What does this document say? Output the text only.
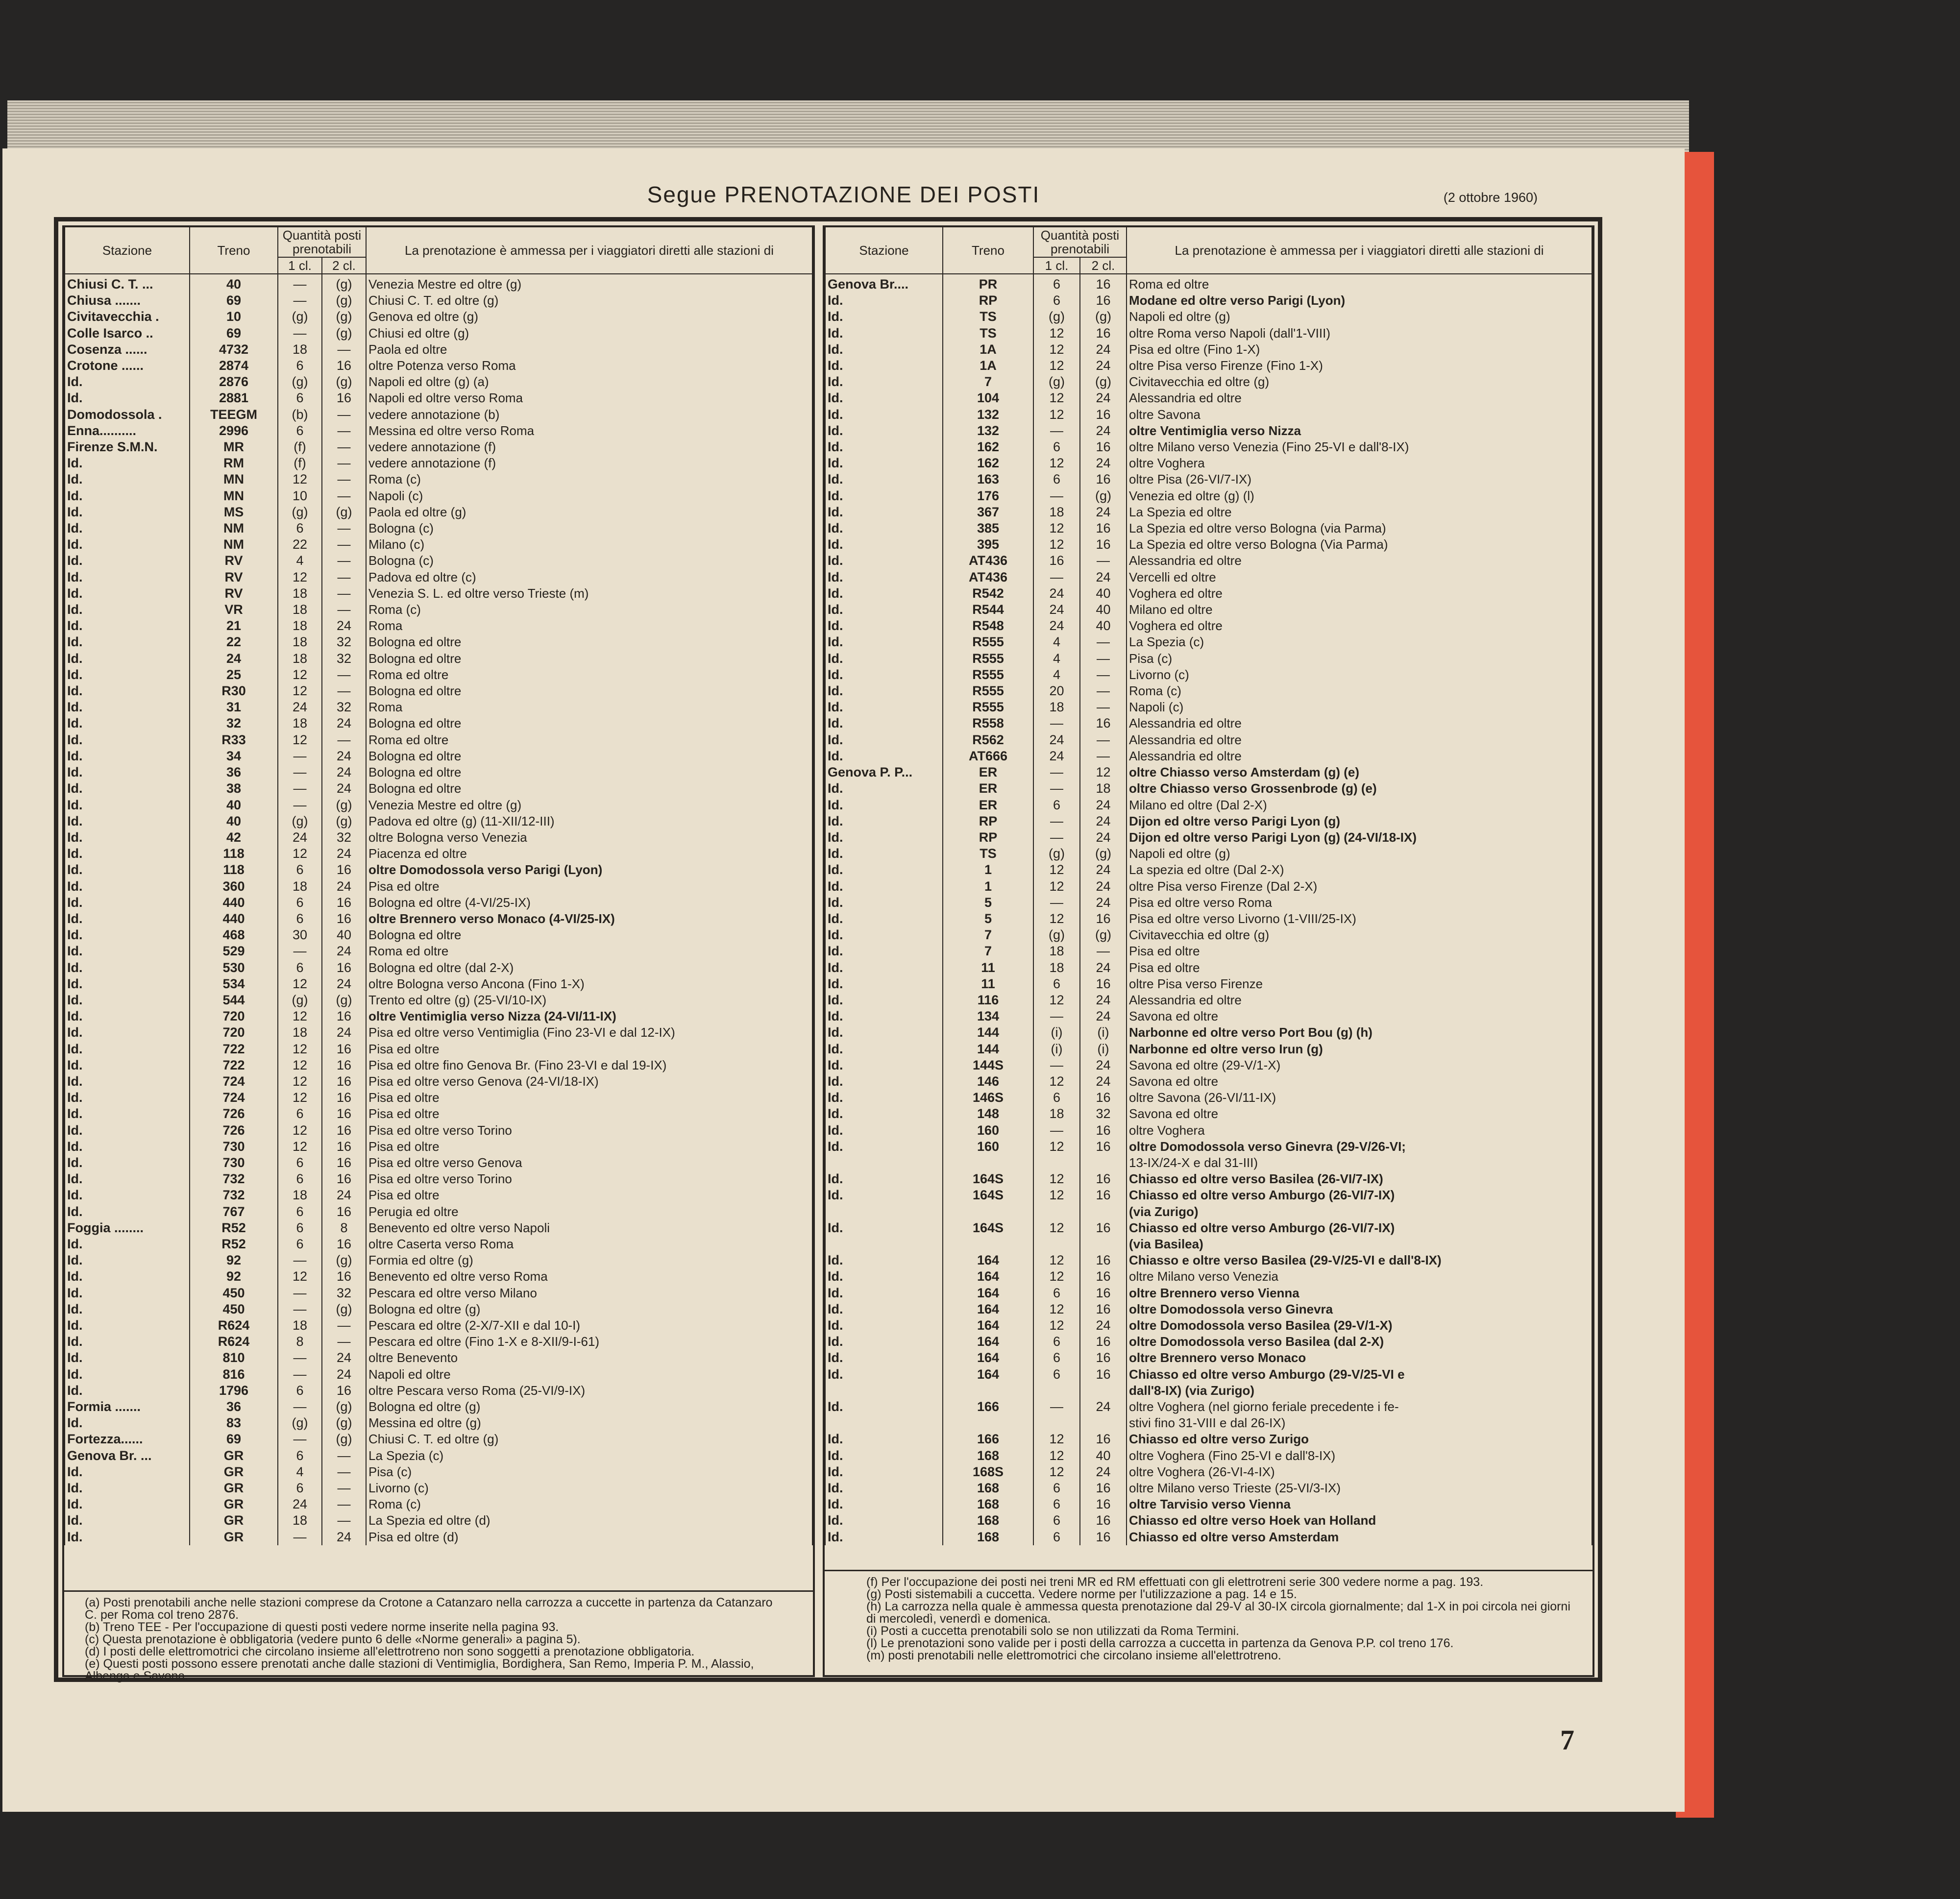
Segue PRENOTAZIONE DEI POSTI	(2 ottobre 1960)
Stazione	Treno	Quantità posti prenotabili		La prenotazione è ammessa per i viaggiatori diretti alle stazioni di
		1 cl.	2 cl.	
Chiusi C. T. ...	40	—	(g)	Venezia Mestre ed oltre (g)
Chiusa .......	69	—	(g)	Chiusi C. T. ed oltre (g)
Civitavecchia .	10	(g)	(g)	Genova ed oltre (g)
Colle Isarco ..	69	—	(g)	Chiusi ed oltre (g)
Cosenza ......	4732	18	—	Paola ed oltre
Crotone ......	2874	6	16	oltre Potenza verso Roma
Id.	2876	(g)	(g)	Napoli ed oltre (g) (a)
Id.	2881	6	16	Napoli ed oltre verso Roma
Domodossola .	TEEGM	(b)	—	vedere annotazione (b)
Enna..........	2996	6	—	Messina ed oltre verso Roma
Firenze S.M.N.	MR	(f)	—	vedere annotazione (f)
Id.	RM	(f)	—	vedere annotazione (f)
Id.	MN	12	—	Roma (c)
Id.	MN	10	—	Napoli (c)
Id.	MS	(g)	(g)	Paola ed oltre (g)
Id.	NM	6	—	Bologna (c)
Id.	NM	22	—	Milano (c)
Id.	RV	4	—	Bologna (c)
Id.	RV	12	—	Padova ed oltre (c)
Id.	RV	18	—	Venezia S. L. ed oltre verso Trieste (m)
Id.	VR	18	—	Roma (c)
Id.	21	18	24	Roma
Id.	22	18	32	Bologna ed oltre
Id.	24	18	32	Bologna ed oltre
Id.	25	12	—	Roma ed oltre
Id.	R30	12	—	Bologna ed oltre
Id.	31	24	32	Roma
Id.	32	18	24	Bologna ed oltre
Id.	R33	12	—	Roma ed oltre
Id.	34	—	24	Bologna ed oltre
Id.	36	—	24	Bologna ed oltre
Id.	38	—	24	Bologna ed oltre
Id.	40	—	(g)	Venezia Mestre ed oltre (g)
Id.	40	(g)	(g)	Padova ed oltre (g) (11-XII/12-III)
Id.	42	24	32	oltre Bologna verso Venezia
Id.	118	12	24	Piacenza ed oltre
Id.	118	6	16	oltre Domodossola verso Parigi (Lyon)
Id.	360	18	24	Pisa ed oltre
Id.	440	6	16	Bologna ed oltre (4-VI/25-IX)
Id.	440	6	16	oltre Brennero verso Monaco (4-VI/25-IX)
Id.	468	30	40	Bologna ed oltre
Id.	529	—	24	Roma ed oltre
Id.	530	6	16	Bologna ed oltre (dal 2-X)
Id.	534	12	24	oltre Bologna verso Ancona (Fino 1-X)
Id.	544	(g)	(g)	Trento ed oltre (g) (25-VI/10-IX)
Id.	720	12	16	oltre Ventimiglia verso Nizza (24-VI/11-IX)
Id.	720	18	24	Pisa ed oltre verso Ventimiglia (Fino 23-VI e dal 12-IX)
Id.	722	12	16	Pisa ed oltre
Id.	722	12	16	Pisa ed oltre fino Genova Br. (Fino 23-VI e dal 19-IX)
Id.	724	12	16	Pisa ed oltre verso Genova (24-VI/18-IX)
Id.	724	12	16	Pisa ed oltre
Id.	726	6	16	Pisa ed oltre
Id.	726	12	16	Pisa ed oltre verso Torino
Id.	730	12	16	Pisa ed oltre
Id.	730	6	16	Pisa ed oltre verso Genova
Id.	732	6	16	Pisa ed oltre verso Torino
Id.	732	18	24	Pisa ed oltre
Id.	767	6	16	Perugia ed oltre
Foggia ........	R52	6	8	Benevento ed oltre verso Napoli
Id.	R52	6	16	oltre Caserta verso Roma
Id.	92	—	(g)	Formia ed oltre (g)
Id.	92	12	16	Benevento ed oltre verso Roma
Id.	450	—	32	Pescara ed oltre verso Milano
Id.	450	—	(g)	Bologna ed oltre (g)
Id.	R624	18	—	Pescara ed oltre (2-X/7-XII e dal 10-I)
Id.	R624	8	—	Pescara ed oltre (Fino 1-X e 8-XII/9-I-61)
Id.	810	—	24	oltre Benevento
Id.	816	—	24	Napoli ed oltre
Id.	1796	6	16	oltre Pescara verso Roma (25-VI/9-IX)
Formia .......	36	—	(g)	Bologna ed oltre (g)
Id.	83	(g)	(g)	Messina ed oltre (g)
Fortezza......	69	—	(g)	Chiusi C. T. ed oltre (g)
Genova Br. ...	GR	6	—	La Spezia (c)
Id.	GR	4	—	Pisa (c)
Id.	GR	6	—	Livorno (c)
Id.	GR	24	—	Roma (c)
Id.	GR	18	—	La Spezia ed oltre (d)
Id.	GR	—	24	Pisa ed oltre (d)
(a) Posti prenotabili anche nelle stazioni comprese da Crotone a Catanzaro nella carrozza a cuccette in partenza da Catanzaro C. per Roma col treno 2876.
(b) Treno TEE - Per l'occupazione di questi posti vedere norme inserite nella pagina 93.
(c) Questa prenotazione è obbligatoria (vedere punto 6 delle «Norme generali» a pagina 5).
(d) I posti delle elettromotrici che circolano insieme all'elettrotreno non sono soggetti a prenotazione obbligatoria.
(e) Questi posti possono essere prenotati anche dalle stazioni di Ventimiglia, Bordighera, San Remo, Imperia P. M., Alassio, Albenga e Savona.
Stazione	Treno	Quantità posti prenotabili		La prenotazione è ammessa per i viaggiatori diretti alle stazioni di
		1 cl.	2 cl.	
Genova Br....	PR	6	16	Roma ed oltre
Id.	RP	6	16	Modane ed oltre verso Parigi (Lyon)
Id.	TS	(g)	(g)	Napoli ed oltre (g)
Id.	TS	12	16	oltre Roma verso Napoli (dall'1-VIII)
Id.	1A	12	24	Pisa ed oltre (Fino 1-X)
Id.	1A	12	24	oltre Pisa verso Firenze (Fino 1-X)
Id.	7	(g)	(g)	Civitavecchia ed oltre (g)
Id.	104	12	24	Alessandria ed oltre
Id.	132	12	16	oltre Savona
Id.	132	—	24	oltre Ventimiglia verso Nizza
Id.	162	6	16	oltre Milano verso Venezia (Fino 25-VI e dall'8-IX)
Id.	162	12	24	oltre Voghera
Id.	163	6	16	oltre Pisa (26-VI/7-IX)
Id.	176	—	(g)	Venezia ed oltre (g) (l)
Id.	367	18	24	La Spezia ed oltre
Id.	385	12	16	La Spezia ed oltre verso Bologna (via Parma)
Id.	395	12	16	La Spezia ed oltre verso Bologna (Via Parma)
Id.	AT436	16	—	Alessandria ed oltre
Id.	AT436	—	24	Vercelli ed oltre
Id.	R542	24	40	Voghera ed oltre
Id.	R544	24	40	Milano ed oltre
Id.	R548	24	40	Voghera ed oltre
Id.	R555	4	—	La Spezia (c)
Id.	R555	4	—	Pisa (c)
Id.	R555	4	—	Livorno (c)
Id.	R555	20	—	Roma (c)
Id.	R555	18	—	Napoli (c)
Id.	R558	—	16	Alessandria ed oltre
Id.	R562	24	—	Alessandria ed oltre
Id.	AT666	24	—	Alessandria ed oltre
Genova P. P...	ER	—	12	oltre Chiasso verso Amsterdam (g) (e)
Id.	ER	—	18	oltre Chiasso verso Grossenbrode (g) (e)
Id.	ER	6	24	Milano ed oltre (Dal 2-X)
Id.	RP	—	24	Dijon ed oltre verso Parigi Lyon (g)
Id.	RP	—	24	Dijon ed oltre verso Parigi Lyon (g) (24-VI/18-IX)
Id.	TS	(g)	(g)	Napoli ed oltre (g)
Id.	1	12	24	La spezia ed oltre (Dal 2-X)
Id.	1	12	24	oltre Pisa verso Firenze (Dal 2-X)
Id.	5	—	24	Pisa ed oltre verso Roma
Id.	5	12	16	Pisa ed oltre verso Livorno (1-VIII/25-IX)
Id.	7	(g)	(g)	Civitavecchia ed oltre (g)
Id.	7	18	—	Pisa ed oltre
Id.	11	18	24	Pisa ed oltre
Id.	11	6	16	oltre Pisa verso Firenze
Id.	116	12	24	Alessandria ed oltre
Id.	134	—	24	Savona ed oltre
Id.	144	(i)	(i)	Narbonne ed oltre verso Port Bou (g) (h)
Id.	144	(i)	(i)	Narbonne ed oltre verso Irun (g)
Id.	144S	—	24	Savona ed oltre (29-V/1-X)
Id.	146	12	24	Savona ed oltre
Id.	146S	6	16	oltre Savona (26-VI/11-IX)
Id.	148	18	32	Savona ed oltre
Id.	160	—	16	oltre Voghera
Id.	160	12	16	oltre Domodossola verso Ginevra (29-V/26-VI;
				13-IX/24-X e dal 31-III)
Id.	164S	12	16	Chiasso ed oltre verso Basilea (26-VI/7-IX)
Id.	164S	12	16	Chiasso ed oltre verso Amburgo (26-VI/7-IX)
				(via Zurigo)
Id.	164S	12	16	Chiasso ed oltre verso Amburgo (26-VI/7-IX)
				(via Basilea)
Id.	164	12	16	Chiasso e oltre verso Basilea (29-V/25-VI e dall'8-IX)
Id.	164	12	16	oltre Milano verso Venezia
Id.	164	6	16	oltre Brennero verso Vienna
Id.	164	12	16	oltre Domodossola verso Ginevra
Id.	164	12	24	oltre Domodossola verso Basilea (29-V/1-X)
Id.	164	6	16	oltre Domodossola verso Basilea (dal 2-X)
Id.	164	6	16	oltre Brennero verso Monaco
Id.	164	6	16	Chiasso ed oltre verso Amburgo (29-V/25-VI e
				dall'8-IX) (via Zurigo)
Id.	166	—	24	oltre Voghera (nel giorno feriale precedente i fe-
				stivi fino 31-VIII e dal 26-IX)
Id.	166	12	16	Chiasso ed oltre verso Zurigo
Id.	168	12	40	oltre Voghera (Fino 25-VI e dall'8-IX)
Id.	168S	12	24	oltre Voghera (26-VI-4-IX)
Id.	168	6	16	oltre Milano verso Trieste (25-VI/3-IX)
Id.	168	6	16	oltre Tarvisio verso Vienna
Id.	168	6	16	Chiasso ed oltre verso Hoek van Holland
Id.	168	6	16	Chiasso ed oltre verso Amsterdam
(f) Per l'occupazione dei posti nei treni MR ed RM effettuati con gli elettrotreni serie 300 vedere norme a pag. 193.
(g) Posti sistemabili a cuccetta. Vedere norme per l'utilizzazione a pag. 14 e 15.
(h) La carrozza nella quale è ammessa questa prenotazione dal 29-V al 30-IX circola giornalmente; dal 1-X in poi circola nei giorni di mercoledì, venerdì e domenica.
(i) Posti a cuccetta prenotabili solo se non utilizzati da Roma Termini.
(l) Le prenotazioni sono valide per i posti della carrozza a cuccetta in partenza da Genova P.P. col treno 176.
(m) posti prenotabili nelle elettromotrici che circolano insieme all'elettrotreno.
7
